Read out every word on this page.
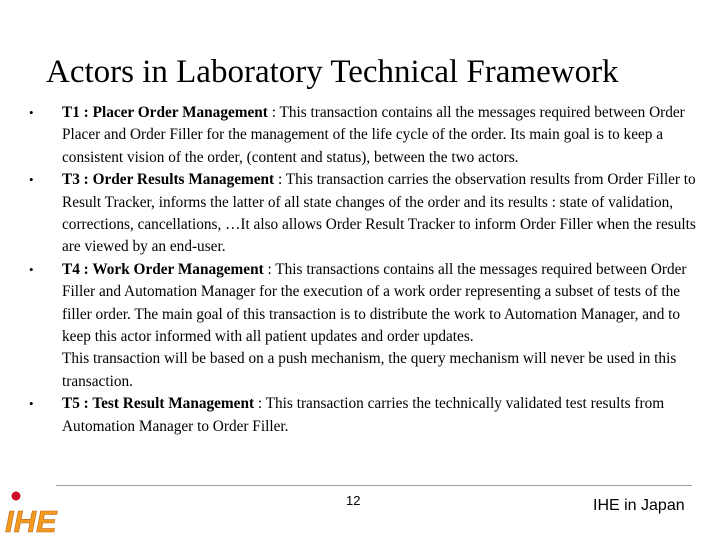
Actors in Laboratory Technical Framework
• T1 : Placer Order Management : This transaction contains all the messages required between Order Placer and Order Filler for the management of the life cycle of the order. Its main goal is to keep a consistent vision of the order, (content and status), between the two actors.
• T3 : Order Results Management : This transaction carries the observation results from Order Filler to Result Tracker, informs the latter of all state changes of the order and its results : state of validation, corrections, cancellations, …It also allows Order Result Tracker to inform Order Filler when the results are viewed by an end-user.
• T4 : Work Order Management : This transactions contains all the messages required between Order Filler and Automation Manager for the execution of a work order representing a subset of tests of the filler order. The main goal of this transaction is to distribute the work to Automation Manager, and to keep this actor informed with all patient updates and order updates.
This transaction will be based on a push mechanism, the query mechanism will never be used in this transaction.
• T5 : Test Result Management : This transaction carries the technically validated test results from Automation Manager to Order Filler.
IHE
12	IHE in Japan
